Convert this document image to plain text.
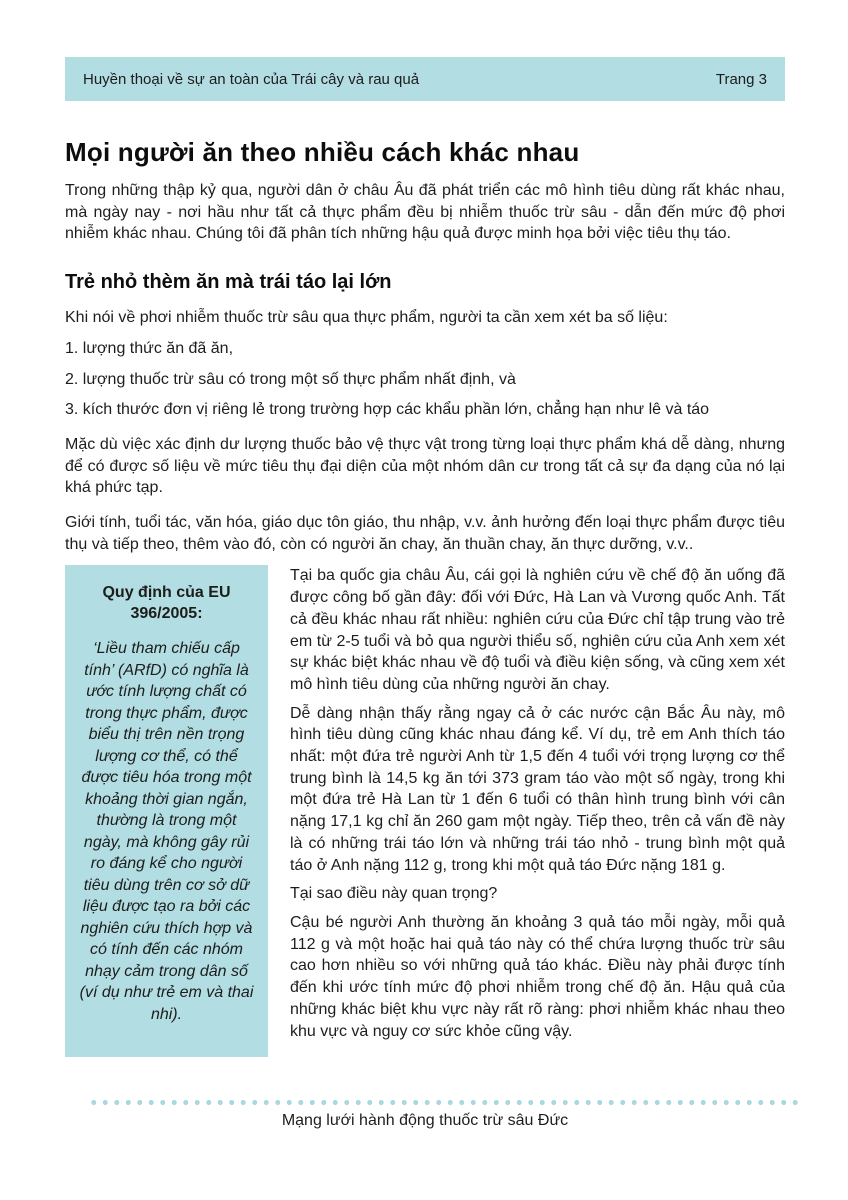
Huyền thoại về sự an toàn của Trái cây và rau quả	Trang 3
Mọi người ăn theo nhiều cách khác nhau

Trong những thập kỷ qua, người dân ở châu Âu đã phát triển các mô hình tiêu dùng rất khác nhau, mà ngày nay - nơi hầu như tất cả thực phẩm đều bị nhiễm thuốc trừ sâu - dẫn đến mức độ phơi nhiễm khác nhau. Chúng tôi đã phân tích những hậu quả được minh họa bởi việc tiêu thụ táo.

Trẻ nhỏ thèm ăn mà trái táo lại lớn

Khi nói về phơi nhiễm thuốc trừ sâu qua thực phẩm, người ta cần xem xét ba số liệu:

1. lượng thức ăn đã ăn,

2. lượng thuốc trừ sâu có trong một số thực phẩm nhất định, và

3. kích thước đơn vị riêng lẻ trong trường hợp các khẩu phần lớn, chẳng hạn như lê và táo

Mặc dù việc xác định dư lượng thuốc bảo vệ thực vật trong từng loại thực phẩm khá dễ dàng, nhưng để có được số liệu về mức tiêu thụ đại diện của một nhóm dân cư trong tất cả sự đa dạng của nó lại khá phức tạp.

Giới tính, tuổi tác, văn hóa, giáo dục tôn giáo, thu nhập, v.v. ảnh hưởng đến loại thực phẩm được tiêu thụ và tiếp theo, thêm vào đó, còn có người ăn chay, ăn thuần chay, ăn thực dưỡng, v.v..

Quy định của EU 396/2005:
‘Liều tham chiếu cấp tính’ (ARfD) có nghĩa là ước tính lượng chất có trong thực phẩm, được biểu thị trên nền trọng lượng cơ thể, có thể được tiêu hóa trong một khoảng thời gian ngắn, thường là trong một ngày, mà không gây rủi ro đáng kể cho người tiêu dùng trên cơ sở dữ liệu được tạo ra bởi các nghiên cứu thích hợp và có tính đến các nhóm nhạy cảm trong dân số (ví dụ như trẻ em và thai nhi).

Tại ba quốc gia châu Âu, cái gọi là nghiên cứu về chế độ ăn uống đã được công bố gần đây: đối với Đức, Hà Lan và Vương quốc Anh. Tất cả đều khác nhau rất nhiều: nghiên cứu của Đức chỉ tập trung vào trẻ em từ 2-5 tuổi và bỏ qua người thiểu số, nghiên cứu của Anh xem xét sự khác biệt khác nhau về độ tuổi và điều kiện sống, và cũng xem xét mô hình tiêu dùng của những người ăn chay.

Dễ dàng nhận thấy rằng ngay cả ở các nước cận Bắc Âu này, mô hình tiêu dùng cũng khác nhau đáng kể. Ví dụ, trẻ em Anh thích táo nhất: một đứa trẻ người Anh từ 1,5 đến 4 tuổi với trọng lượng cơ thể trung bình là 14,5 kg ăn tới 373 gram táo vào một số ngày, trong khi một đứa trẻ Hà Lan từ 1 đến 6 tuổi có thân hình trung bình với cân nặng 17,1 kg chỉ ăn 260 gam một ngày. Tiếp theo, trên cả vấn đề này là có những trái táo lớn và những trái táo nhỏ - trung bình một quả táo ở Anh nặng 112 g, trong khi một quả táo Đức nặng 181 g.

Tại sao điều này quan trọng?

Cậu bé người Anh thường ăn khoảng 3 quả táo mỗi ngày, mỗi quả 112 g và một hoặc hai quả táo này có thể chứa lượng thuốc trừ sâu cao hơn nhiều so với những quả táo khác. Điều này phải được tính đến khi ước tính mức độ phơi nhiễm trong chế độ ăn. Hậu quả của những khác biệt khu vực này rất rõ ràng: phơi nhiễm khác nhau theo khu vực và nguy cơ sức khỏe cũng vậy.

Mạng lưới hành động thuốc trừ sâu Đức
